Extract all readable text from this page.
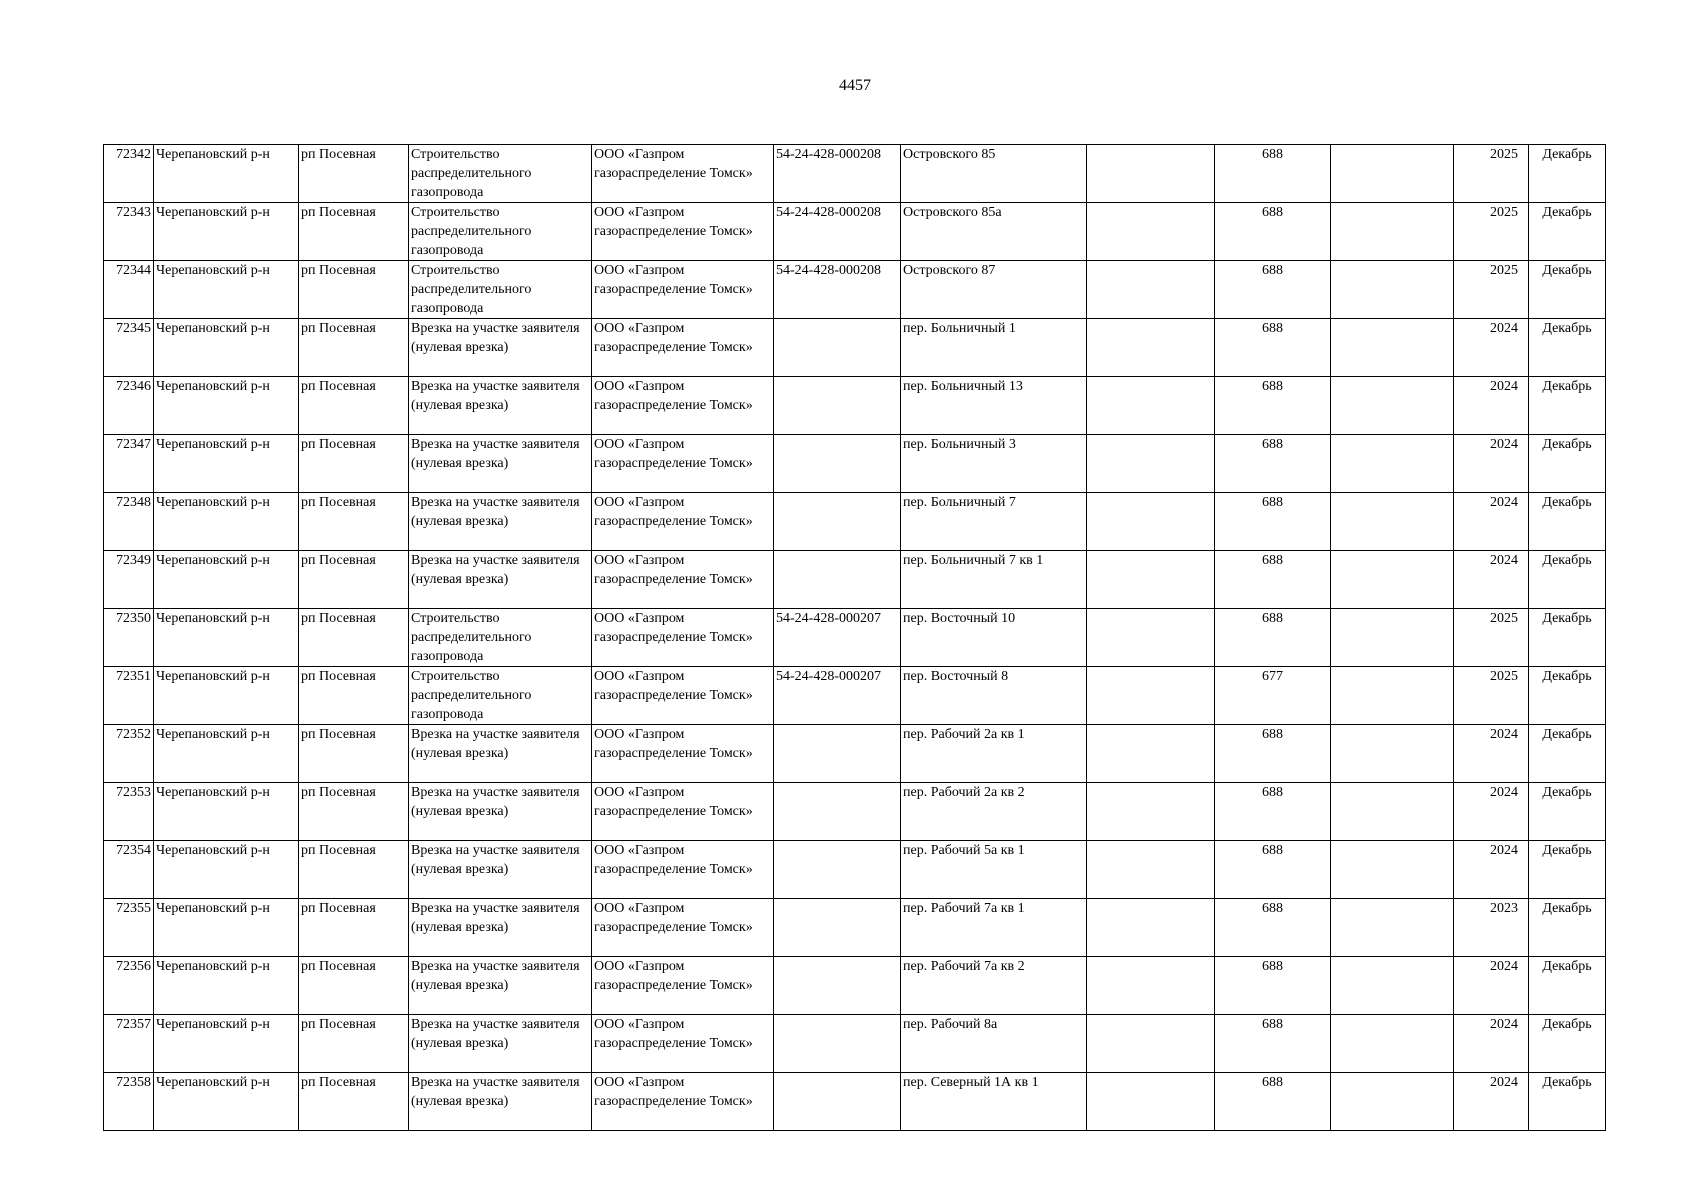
4457
72342	Черепановский р-н	рп Посевная	Строительство распределительного газопровода	ООО «Газпром газораспределение Томск»	54-24-428-000208	Островского 85		688		2025	Декабрь
72343	Черепановский р-н	рп Посевная	Строительство распределительного газопровода	ООО «Газпром газораспределение Томск»	54-24-428-000208	Островского 85а		688		2025	Декабрь
72344	Черепановский р-н	рп Посевная	Строительство распределительного газопровода	ООО «Газпром газораспределение Томск»	54-24-428-000208	Островского 87		688		2025	Декабрь
72345	Черепановский р-н	рп Посевная	Врезка на участке заявителя (нулевая врезка)	ООО «Газпром газораспределение Томск»		пер. Больничный 1		688		2024	Декабрь
72346	Черепановский р-н	рп Посевная	Врезка на участке заявителя (нулевая врезка)	ООО «Газпром газораспределение Томск»		пер. Больничный 13		688		2024	Декабрь
72347	Черепановский р-н	рп Посевная	Врезка на участке заявителя (нулевая врезка)	ООО «Газпром газораспределение Томск»		пер. Больничный 3		688		2024	Декабрь
72348	Черепановский р-н	рп Посевная	Врезка на участке заявителя (нулевая врезка)	ООО «Газпром газораспределение Томск»		пер. Больничный 7		688		2024	Декабрь
72349	Черепановский р-н	рп Посевная	Врезка на участке заявителя (нулевая врезка)	ООО «Газпром газораспределение Томск»		пер. Больничный 7 кв 1		688		2024	Декабрь
72350	Черепановский р-н	рп Посевная	Строительство распределительного газопровода	ООО «Газпром газораспределение Томск»	54-24-428-000207	пер. Восточный 10		688		2025	Декабрь
72351	Черепановский р-н	рп Посевная	Строительство распределительного газопровода	ООО «Газпром газораспределение Томск»	54-24-428-000207	пер. Восточный 8		677		2025	Декабрь
72352	Черепановский р-н	рп Посевная	Врезка на участке заявителя (нулевая врезка)	ООО «Газпром газораспределение Томск»		пер. Рабочий 2а кв 1		688		2024	Декабрь
72353	Черепановский р-н	рп Посевная	Врезка на участке заявителя (нулевая врезка)	ООО «Газпром газораспределение Томск»		пер. Рабочий 2а кв 2		688		2024	Декабрь
72354	Черепановский р-н	рп Посевная	Врезка на участке заявителя (нулевая врезка)	ООО «Газпром газораспределение Томск»		пер. Рабочий 5а кв 1		688		2024	Декабрь
72355	Черепановский р-н	рп Посевная	Врезка на участке заявителя (нулевая врезка)	ООО «Газпром газораспределение Томск»		пер. Рабочий 7а кв 1		688		2023	Декабрь
72356	Черепановский р-н	рп Посевная	Врезка на участке заявителя (нулевая врезка)	ООО «Газпром газораспределение Томск»		пер. Рабочий 7а кв 2		688		2024	Декабрь
72357	Черепановский р-н	рп Посевная	Врезка на участке заявителя (нулевая врезка)	ООО «Газпром газораспределение Томск»		пер. Рабочий 8а		688		2024	Декабрь
72358	Черепановский р-н	рп Посевная	Врезка на участке заявителя (нулевая врезка)	ООО «Газпром газораспределение Томск»		пер. Северный 1А кв 1		688		2024	Декабрь
